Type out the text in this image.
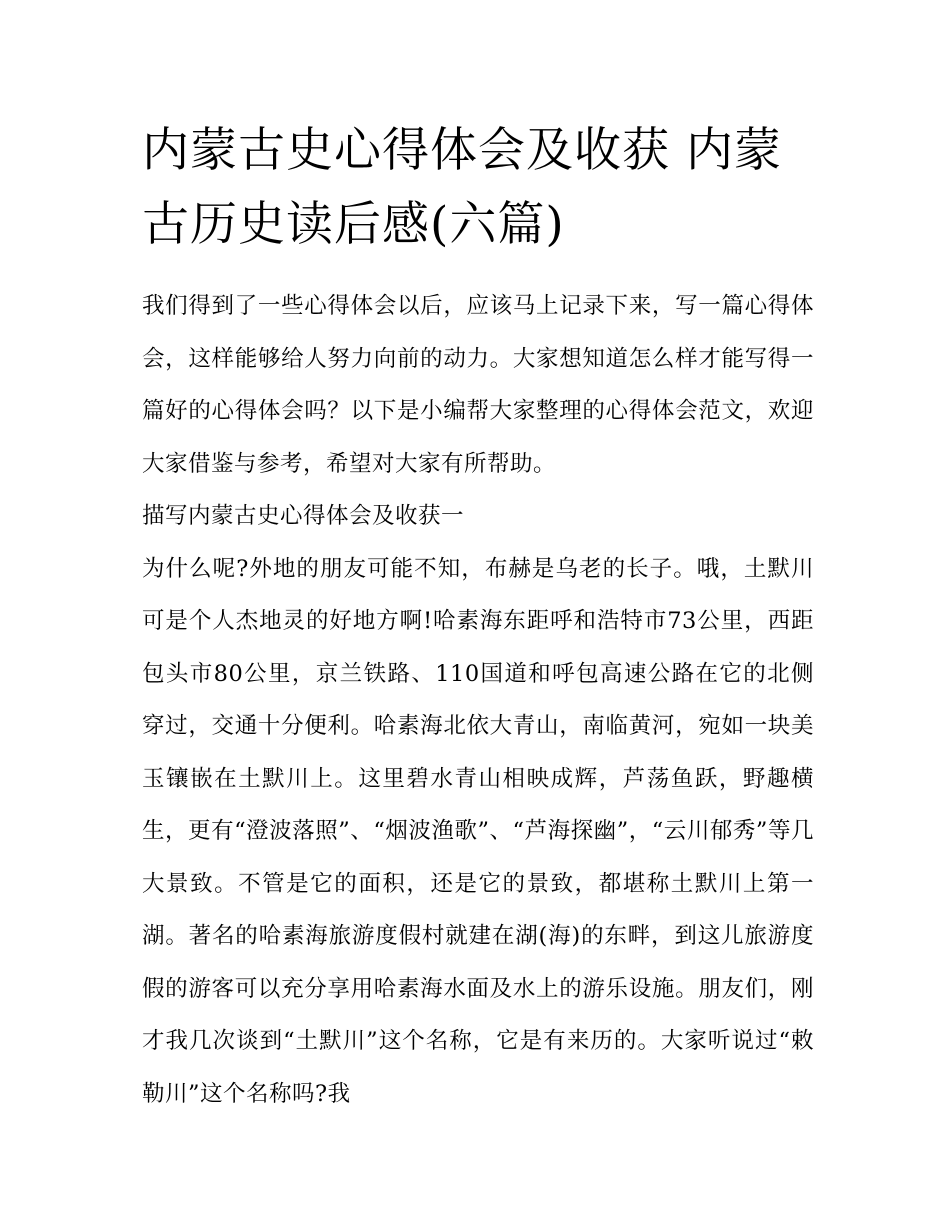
内蒙古史心得体会及收获 内蒙古历史读后感(六篇)

我们得到了一些心得体会以后，应该马上记录下来，写一篇心得体会，这样能够给人努力向前的动力。大家想知道怎么样才能写得一篇好的心得体会吗？以下是小编帮大家整理的心得体会范文，欢迎大家借鉴与参考，希望对大家有所帮助。

描写内蒙古史心得体会及收获一

为什么呢?外地的朋友可能不知，布赫是乌老的长子。哦，土默川可是个人杰地灵的好地方啊!哈素海东距呼和浩特市73公里，西距包头市80公里，京兰铁路、110国道和呼包高速公路在它的北侧穿过，交通十分便利。哈素海北依大青山，南临黄河，宛如一块美玉镶嵌在土默川上。这里碧水青山相映成辉，芦荡鱼跃，野趣横生，更有“澄波落照”、“烟波渔歌”、“芦海探幽”，“云川郁秀”等几大景致。不管是它的面积，还是它的景致，都堪称土默川上第一湖。著名的哈素海旅游度假村就建在湖(海)的东畔，到这儿旅游度假的游客可以充分享用哈素海水面及水上的游乐设施。朋友们，刚才我几次谈到“土默川”这个名称，它是有来历的。大家听说过“敕勒川”这个名称吗?我
